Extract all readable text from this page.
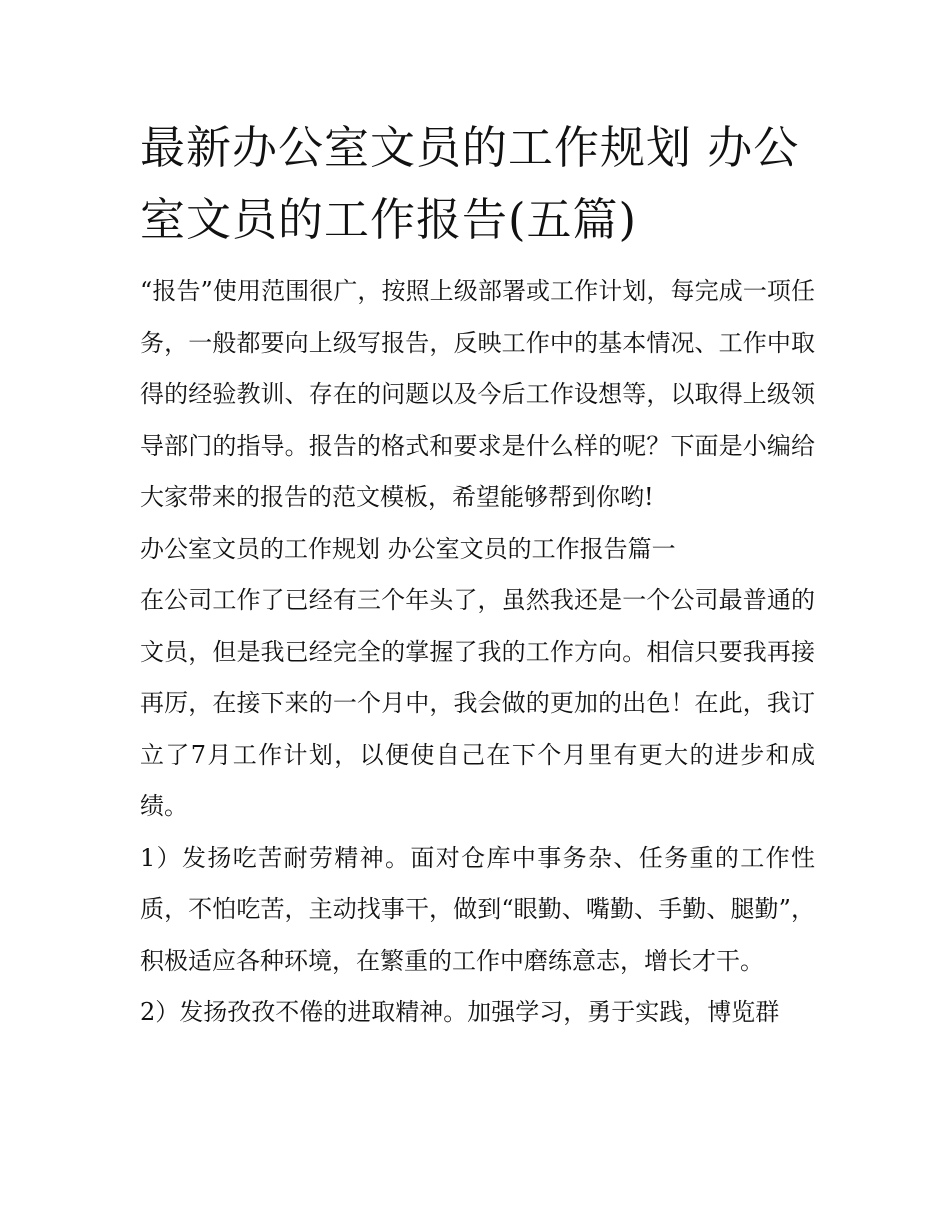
最新办公室文员的工作规划 办公室文员的工作报告(五篇)

“报告”使用范围很广，按照上级部署或工作计划，每完成一项任务，一般都要向上级写报告，反映工作中的基本情况、工作中取得的经验教训、存在的问题以及今后工作设想等，以取得上级领导部门的指导。报告的格式和要求是什么样的呢？下面是小编给大家带来的报告的范文模板，希望能够帮到你哟!

办公室文员的工作规划 办公室文员的工作报告篇一

在公司工作了已经有三个年头了，虽然我还是一个公司最普通的文员，但是我已经完全的掌握了我的工作方向。相信只要我再接再厉，在接下来的一个月中，我会做的更加的出色！在此，我订立了7月工作计划，以便使自己在下个月里有更大的进步和成绩。

1）发扬吃苦耐劳精神。面对仓库中事务杂、任务重的工作性质，不怕吃苦，主动找事干，做到“眼勤、嘴勤、手勤、腿勤”，积极适应各种环境，在繁重的工作中磨练意志，增长才干。

2）发扬孜孜不倦的进取精神。加强学习，勇于实践，博览群
